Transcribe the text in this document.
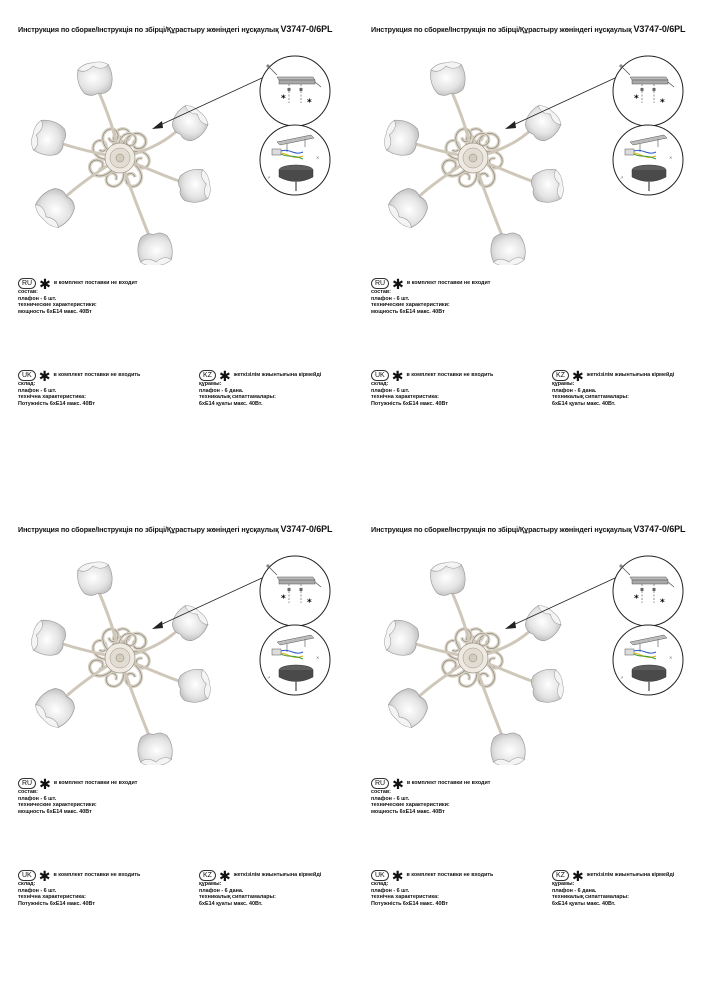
Инструкция по сборке/Інструкція по збірці/Құрастыру жөніндегі нұсқаулық V3747-0/6PL
* *
↗
×
RU ✱ в комплект поставки не входит
состав:
плафон - 6 шт.
технические характеристики:
мощность 6xE14 макс. 40Вт
UK ✱ в комплект поставки не входить
склад:
плафон - 6 шт.
технічна характеристика:
Потужність 6хЕ14 макс. 40Вт
KZ ✱ жеткізілім жиынтығына кірмейді
құрамы:
плафон - 6 дана.
техникалық сипаттамалары:
6xE14 қуаты макс. 40Вт.
Инструкция по сборке/Інструкція по збірці/Құрастыру жөніндегі нұсқаулық V3747-0/6PL
* *
↗
×
RU ✱ в комплект поставки не входит
состав:
плафон - 6 шт.
технические характеристики:
мощность 6xE14 макс. 40Вт
UK ✱ в комплект поставки не входить
склад:
плафон - 6 шт.
технічна характеристика:
Потужність 6хЕ14 макс. 40Вт
KZ ✱ жеткізілім жиынтығына кірмейді
құрамы:
плафон - 6 дана.
техникалық сипаттамалары:
6xE14 қуаты макс. 40Вт.
Инструкция по сборке/Інструкція по збірці/Құрастыру жөніндегі нұсқаулық V3747-0/6PL
* *
↗
×
RU ✱ в комплект поставки не входит
состав:
плафон - 6 шт.
технические характеристики:
мощность 6xE14 макс. 40Вт
UK ✱ в комплект поставки не входить
склад:
плафон - 6 шт.
технічна характеристика:
Потужність 6хЕ14 макс. 40Вт
KZ ✱ жеткізілім жиынтығына кірмейді
құрамы:
плафон - 6 дана.
техникалық сипаттамалары:
6xE14 қуаты макс. 40Вт.
Инструкция по сборке/Інструкція по збірці/Құрастыру жөніндегі нұсқаулық V3747-0/6PL
* *
↗
×
RU ✱ в комплект поставки не входит
состав:
плафон - 6 шт.
технические характеристики:
мощность 6xE14 макс. 40Вт
UK ✱ в комплект поставки не входить
склад:
плафон - 6 шт.
технічна характеристика:
Потужність 6хЕ14 макс. 40Вт
KZ ✱ жеткізілім жиынтығына кірмейді
құрамы:
плафон - 6 дана.
техникалық сипаттамалары:
6xE14 қуаты макс. 40Вт.
